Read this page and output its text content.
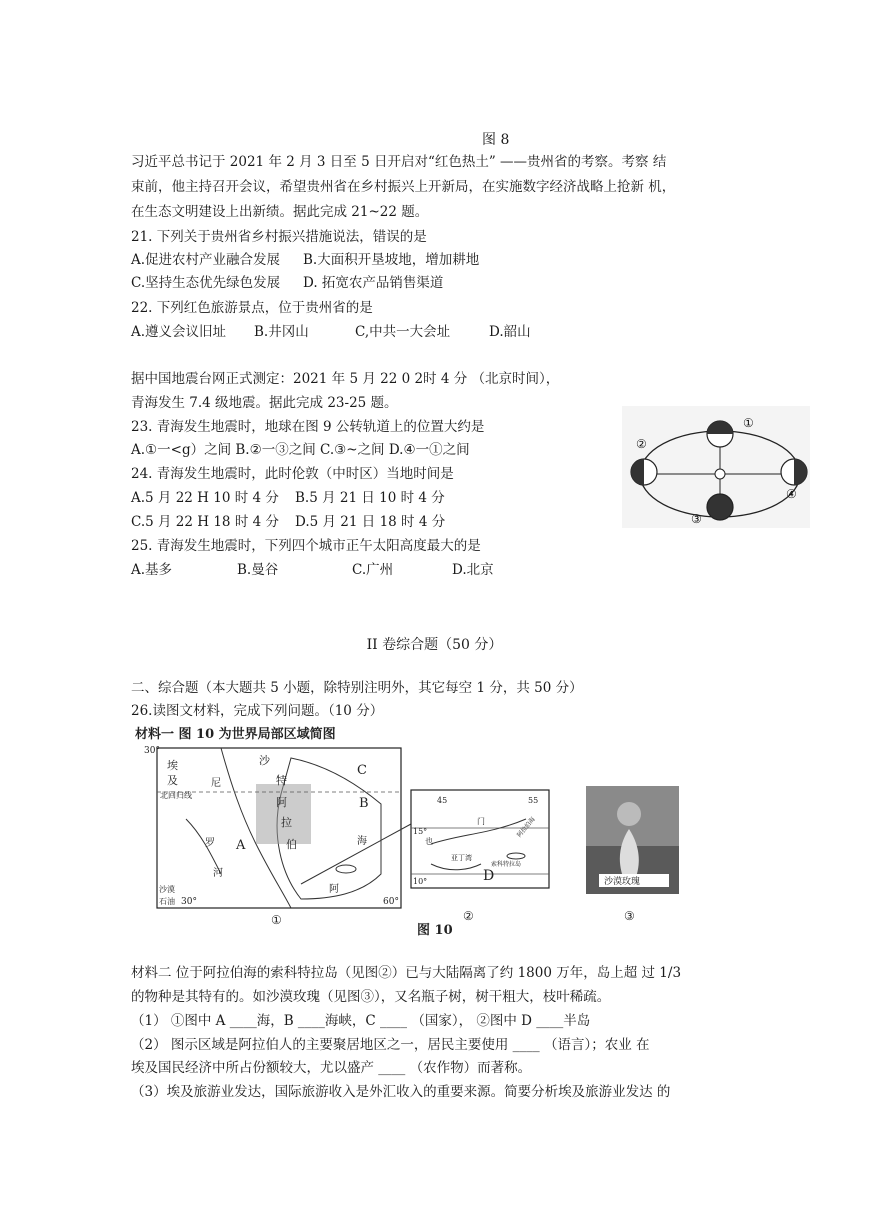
图 8
习近平总书记于 2021 年 2 月 3 日至 5 日开启对“红色热土” ——贵州省的考察。考察 结
束前，他主持召开会议，希望贵州省在乡村振兴上开新局，在实施数字经济战略上抢新 机，
在生态文明建设上出新绩。据此完成 21~22 题。
21. 下列关于贵州省乡村振兴措施说法，错误的是
A.促进农村产业融合发展 B.大面积开垦坡地，增加耕地
C.坚持生态优先绿色发展 D. 拓宽农产品销售渠道
22. 下列红色旅游景点，位于贵州省的是
A.遵义会议旧址 B.井冈山	C,中共一大会址	D.韶山
据中国地震台网正式测定：2021 年 5 月 22 0 2时 4 分 （北京时间），
青海发生 7.4 级地震。据此完成 23-25 题。
23. 青海发生地震时，地球在图 9 公转轨道上的位置大约是
A.①一<g）之间 B.②一③之间 C.③~之间 D.④一①之间
24. 青海发生地震时，此时伦敦（中时区）当地时间是
A.5 月 22 H 10 时 4 分 B.5 月 21 日 10 时 4 分
C.5 月 22 H 18 时 4 分 D.5 月 21 日 18 时 4 分
25. 青海发生地震时，下列四个城市正午太阳高度最大的是
A.基多	B.曼谷	C.广州	D.北京
①
②
③
④
II 卷综合题（50 分）
二、综合题（本大题共 5 小题，除特别注明外，其它每空 1 分，共 50 分）
26.读图文材料，完成下列问题。（10 分）
材料一 图 10 为世界局部区域简图
30°
30°	60°
埃
及
北回归线
沙
特
阿
拉
伯
尼
罗
河
海
阿
C
B
A
沙漠
石油
①
45	55
15°
10°
门
也
亚丁湾
阿拉伯海
索科特拉岛
D
②
沙漠玫瑰
③
图 10
材料二 位于阿拉伯海的索科特拉岛（见图②）已与大陆隔离了约 1800 万年，岛上超 过 1/3
的物种是其特有的。如沙漠玫瑰（见图③），又名瓶子树，树干粗大，枝叶稀疏。
（1） ①图中 A ____海，B ____海峡，C ____ （国家）， ②图中 D ____半岛
（2） 图示区域是阿拉伯人的主要聚居地区之一，居民主要使用 ____ （语言）；农业 在
埃及国民经济中所占份额较大，尤以盛产 ____ （农作物）而著称。
（3）埃及旅游业发达，国际旅游收入是外汇收入的重要来源。简要分析埃及旅游业发达 的
